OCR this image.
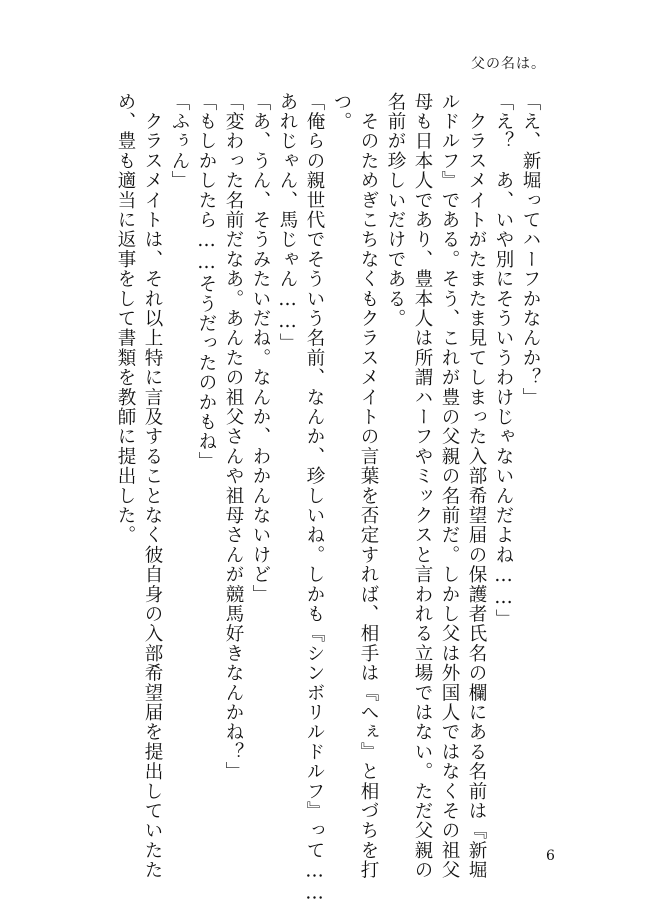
父の名は。
「え、新堀ってハーフかなんか？」
「え？　あ、いや別にそういうわけじゃないんだよね……」
　クラスメイトがたまたま見てしまった入部希望届の保護者氏名の欄にある名前は『新堀
ルドルフ』である。そう、これが豊の父親の名前だ。しかし父は外国人ではなくその祖父
母も日本人であり、豊本人は所謂ハーフやミックスと言われる立場ではない。ただ父親の
名前が珍しいだけである。
　そのためぎこちなくもクラスメイトの言葉を否定すれば、相手は『へぇ』と相づちを打
つ。
「俺らの親世代でそういう名前、なんか、珍しいね。しかも『シンボリルドルフ』って……
あれじゃん、馬じゃん……」
「あ、うん、そうみたいだね。なんか、わかんないけど」
「変わった名前だなあ。あんたの祖父さんや祖母さんが競馬好きなんかね？」
「もしかしたら……そうだったのかもね」
「ふぅん」
　クラスメイトは、それ以上特に言及することなく彼自身の入部希望届を提出していたた
め、豊も適当に返事をして書類を教師に提出した。
6
